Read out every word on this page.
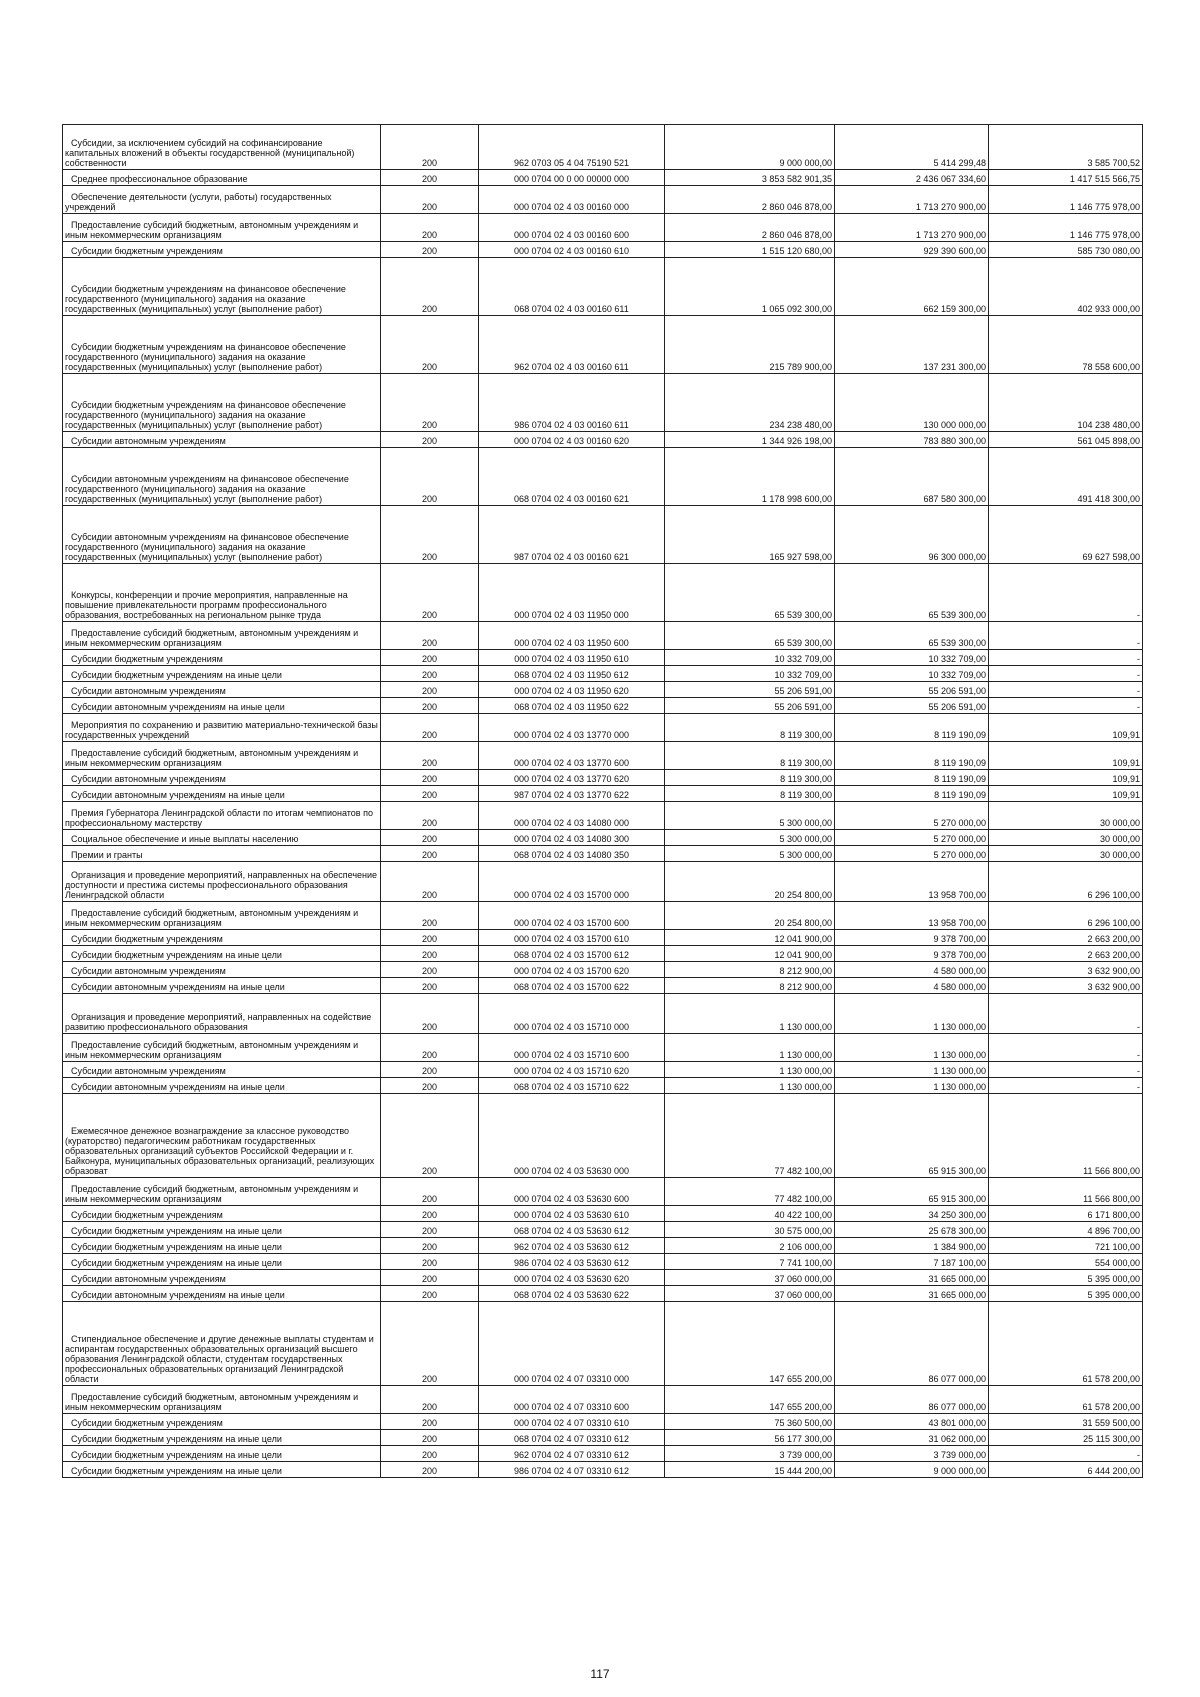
Субсидии, за исключением субсидий на софинансирование капитальных вложений в объекты государственной (муниципальной) собственности	200	962 0703 05 4 04 75190 521	9 000 000,00	5 414 299,48	3 585 700,52
Среднее профессиональное образование	200	000 0704 00 0 00 00000 000	3 853 582 901,35	2 436 067 334,60	1 417 515 566,75
Обеспечение деятельности (услуги, работы) государственных учреждений	200	000 0704 02 4 03 00160 000	2 860 046 878,00	1 713 270 900,00	1 146 775 978,00
Предоставление субсидий бюджетным, автономным учреждениям и иным некоммерческим организациям	200	000 0704 02 4 03 00160 600	2 860 046 878,00	1 713 270 900,00	1 146 775 978,00
Субсидии бюджетным учреждениям	200	000 0704 02 4 03 00160 610	1 515 120 680,00	929 390 600,00	585 730 080,00
Субсидии бюджетным учреждениям на финансовое обеспечение государственного (муниципального) задания на оказание государственных (муниципальных) услуг (выполнение работ)	200	068 0704 02 4 03 00160 611	1 065 092 300,00	662 159 300,00	402 933 000,00
Субсидии бюджетным учреждениям на финансовое обеспечение государственного (муниципального) задания на оказание государственных (муниципальных) услуг (выполнение работ)	200	962 0704 02 4 03 00160 611	215 789 900,00	137 231 300,00	78 558 600,00
Субсидии бюджетным учреждениям на финансовое обеспечение государственного (муниципального) задания на оказание государственных (муниципальных) услуг (выполнение работ)	200	986 0704 02 4 03 00160 611	234 238 480,00	130 000 000,00	104 238 480,00
Субсидии автономным учреждениям	200	000 0704 02 4 03 00160 620	1 344 926 198,00	783 880 300,00	561 045 898,00
Субсидии автономным учреждениям на финансовое обеспечение государственного (муниципального) задания на оказание государственных (муниципальных) услуг (выполнение работ)	200	068 0704 02 4 03 00160 621	1 178 998 600,00	687 580 300,00	491 418 300,00
Субсидии автономным учреждениям на финансовое обеспечение государственного (муниципального) задания на оказание государственных (муниципальных) услуг (выполнение работ)	200	987 0704 02 4 03 00160 621	165 927 598,00	96 300 000,00	69 627 598,00
Конкурсы, конференции и прочие мероприятия, направленные на повышение привлекательности программ профессионального образования, востребованных на региональном рынке труда	200	000 0704 02 4 03 11950 000	65 539 300,00	65 539 300,00	-
Предоставление субсидий бюджетным, автономным учреждениям и иным некоммерческим организациям	200	000 0704 02 4 03 11950 600	65 539 300,00	65 539 300,00	-
Субсидии бюджетным учреждениям	200	000 0704 02 4 03 11950 610	10 332 709,00	10 332 709,00	-
Субсидии бюджетным учреждениям на иные цели	200	068 0704 02 4 03 11950 612	10 332 709,00	10 332 709,00	-
Субсидии автономным учреждениям	200	000 0704 02 4 03 11950 620	55 206 591,00	55 206 591,00	-
Субсидии автономным учреждениям на иные цели	200	068 0704 02 4 03 11950 622	55 206 591,00	55 206 591,00	-
Мероприятия по сохранению и развитию материально-технической базы государственных учреждений	200	000 0704 02 4 03 13770 000	8 119 300,00	8 119 190,09	109,91
Предоставление субсидий бюджетным, автономным учреждениям и иным некоммерческим организациям	200	000 0704 02 4 03 13770 600	8 119 300,00	8 119 190,09	109,91
Субсидии автономным учреждениям	200	000 0704 02 4 03 13770 620	8 119 300,00	8 119 190,09	109,91
Субсидии автономным учреждениям на иные цели	200	987 0704 02 4 03 13770 622	8 119 300,00	8 119 190,09	109,91
Премия Губернатора Ленинградской области по итогам чемпионатов по профессиональному мастерству	200	000 0704 02 4 03 14080 000	5 300 000,00	5 270 000,00	30 000,00
Социальное обеспечение и иные выплаты населению	200	000 0704 02 4 03 14080 300	5 300 000,00	5 270 000,00	30 000,00
Премии и гранты	200	068 0704 02 4 03 14080 350	5 300 000,00	5 270 000,00	30 000,00
Организация и проведение мероприятий, направленных на обеспечение доступности и престижа системы профессионального образования Ленинградской области	200	000 0704 02 4 03 15700 000	20 254 800,00	13 958 700,00	6 296 100,00
Предоставление субсидий бюджетным, автономным учреждениям и иным некоммерческим организациям	200	000 0704 02 4 03 15700 600	20 254 800,00	13 958 700,00	6 296 100,00
Субсидии бюджетным учреждениям	200	000 0704 02 4 03 15700 610	12 041 900,00	9 378 700,00	2 663 200,00
Субсидии бюджетным учреждениям на иные цели	200	068 0704 02 4 03 15700 612	12 041 900,00	9 378 700,00	2 663 200,00
Субсидии автономным учреждениям	200	000 0704 02 4 03 15700 620	8 212 900,00	4 580 000,00	3 632 900,00
Субсидии автономным учреждениям на иные цели	200	068 0704 02 4 03 15700 622	8 212 900,00	4 580 000,00	3 632 900,00
Организация и проведение мероприятий, направленных на содействие развитию профессионального образования	200	000 0704 02 4 03 15710 000	1 130 000,00	1 130 000,00	-
Предоставление субсидий бюджетным, автономным учреждениям и иным некоммерческим организациям	200	000 0704 02 4 03 15710 600	1 130 000,00	1 130 000,00	-
Субсидии автономным учреждениям	200	000 0704 02 4 03 15710 620	1 130 000,00	1 130 000,00	-
Субсидии автономным учреждениям на иные цели	200	068 0704 02 4 03 15710 622	1 130 000,00	1 130 000,00	-
Ежемесячное денежное вознаграждение за классное руководство (кураторство) педагогическим работникам государственных образовательных организаций субъектов Российской Федерации и г. Байконура, муниципальных образовательных организаций, реализующих образоват	200	000 0704 02 4 03 53630 000	77 482 100,00	65 915 300,00	11 566 800,00
Предоставление субсидий бюджетным, автономным учреждениям и иным некоммерческим организациям	200	000 0704 02 4 03 53630 600	77 482 100,00	65 915 300,00	11 566 800,00
Субсидии бюджетным учреждениям	200	000 0704 02 4 03 53630 610	40 422 100,00	34 250 300,00	6 171 800,00
Субсидии бюджетным учреждениям на иные цели	200	068 0704 02 4 03 53630 612	30 575 000,00	25 678 300,00	4 896 700,00
Субсидии бюджетным учреждениям на иные цели	200	962 0704 02 4 03 53630 612	2 106 000,00	1 384 900,00	721 100,00
Субсидии бюджетным учреждениям на иные цели	200	986 0704 02 4 03 53630 612	7 741 100,00	7 187 100,00	554 000,00
Субсидии автономным учреждениям	200	000 0704 02 4 03 53630 620	37 060 000,00	31 665 000,00	5 395 000,00
Субсидии автономным учреждениям на иные цели	200	068 0704 02 4 03 53630 622	37 060 000,00	31 665 000,00	5 395 000,00
Стипендиальное обеспечение и другие денежные выплаты студентам и аспирантам государственных образовательных организаций высшего образования Ленинградской области, студентам государственных профессиональных образовательных организаций Ленинградской области	200	000 0704 02 4 07 03310 000	147 655 200,00	86 077 000,00	61 578 200,00
Предоставление субсидий бюджетным, автономным учреждениям и иным некоммерческим организациям	200	000 0704 02 4 07 03310 600	147 655 200,00	86 077 000,00	61 578 200,00
Субсидии бюджетным учреждениям	200	000 0704 02 4 07 03310 610	75 360 500,00	43 801 000,00	31 559 500,00
Субсидии бюджетным учреждениям на иные цели	200	068 0704 02 4 07 03310 612	56 177 300,00	31 062 000,00	25 115 300,00
Субсидии бюджетным учреждениям на иные цели	200	962 0704 02 4 07 03310 612	3 739 000,00	3 739 000,00	-
Субсидии бюджетным учреждениям на иные цели	200	986 0704 02 4 07 03310 612	15 444 200,00	9 000 000,00	6 444 200,00
117
